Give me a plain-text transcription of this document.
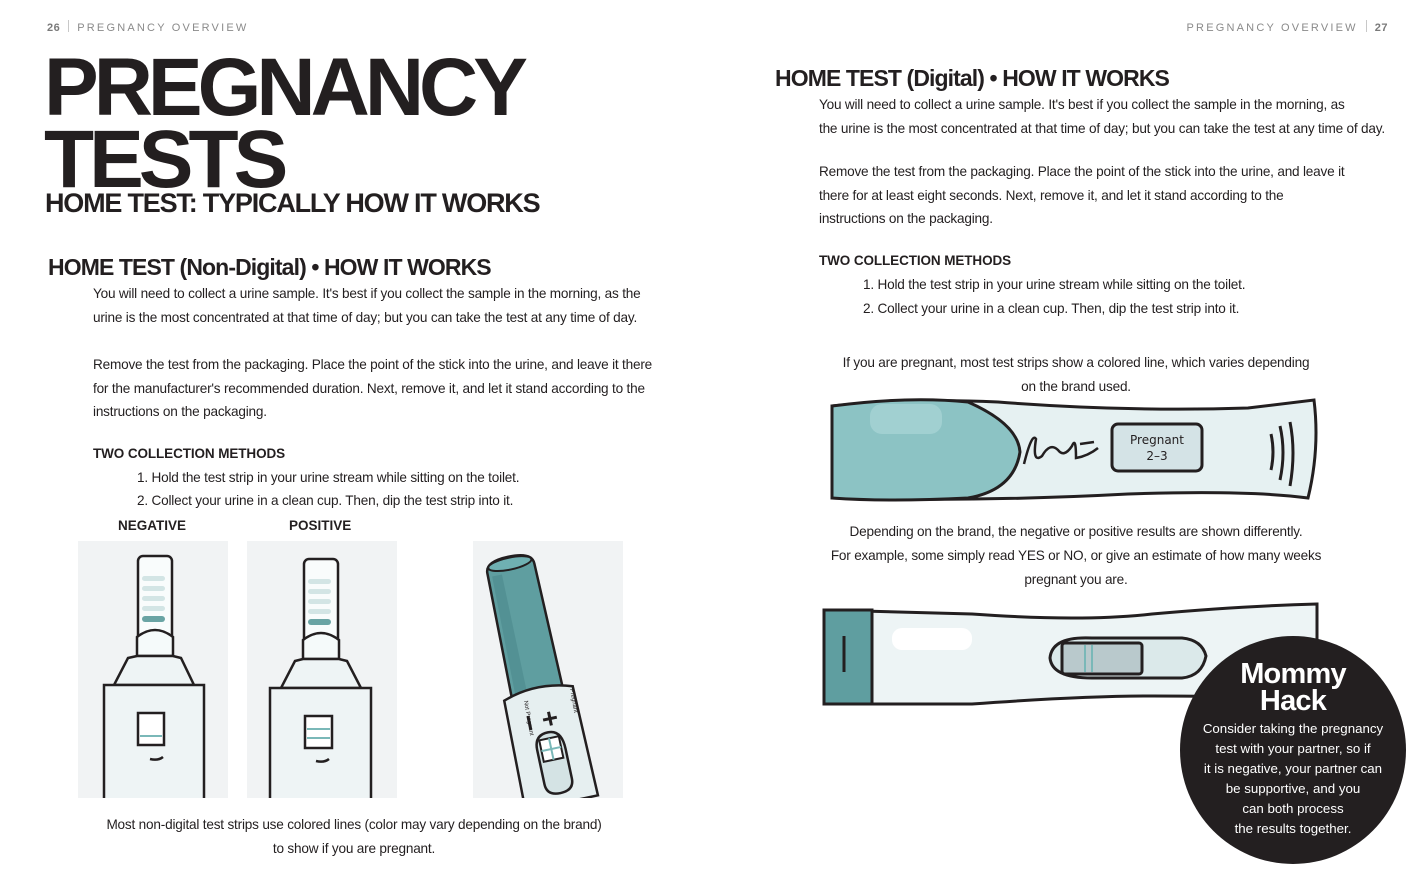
26 PREGNANCY OVERVIEW
PREGNANCY
TESTS
HOME TEST: TYPICALLY HOW IT WORKS
HOME TEST (Non-Digital) • HOW IT WORKS
You will need to collect a urine sample. It's best if you collect the sample in the morning, as the
urine is the most concentrated at that time of day; but you can take the test at any time of day.
Remove the test from the packaging. Place the point of the stick into the urine, and leave it there
for the manufacturer's recommended duration. Next, remove it, and let it stand according to the
instructions on the packaging.
TWO COLLECTION METHODS
1. Hold the test strip in your urine stream while sitting on the toilet.
2. Collect your urine in a clean cup. Then, dip the test strip into it.
NEGATIVE	POSITIVE
Not Pregnant	Pregnant
Most non-digital test strips use colored lines (color may vary depending on the brand)
to show if you are pregnant.
PREGNANCY OVERVIEW 27
HOME TEST (Digital) • HOW IT WORKS
You will need to collect a urine sample. It's best if you collect the sample in the morning, as
the urine is the most concentrated at that time of day; but you can take the test at any time of day.
Remove the test from the packaging. Place the point of the stick into the urine, and leave it
there for at least eight seconds. Next, remove it, and let it stand according to the
instructions on the packaging.
TWO COLLECTION METHODS
1. Hold the test strip in your urine stream while sitting on the toilet.
2. Collect your urine in a clean cup. Then, dip the test strip into it.
If you are pregnant, most test strips show a colored line, which varies depending
on the brand used.
Pregnant
2–3
Depending on the brand, the negative or positive results are shown differently.
For example, some simply read YES or NO, or give an estimate of how many weeks
pregnant you are.
Mommy
Hack
Consider taking the pregnancy
test with your partner, so if
it is negative, your partner can
be supportive, and you
can both process
the results together.
